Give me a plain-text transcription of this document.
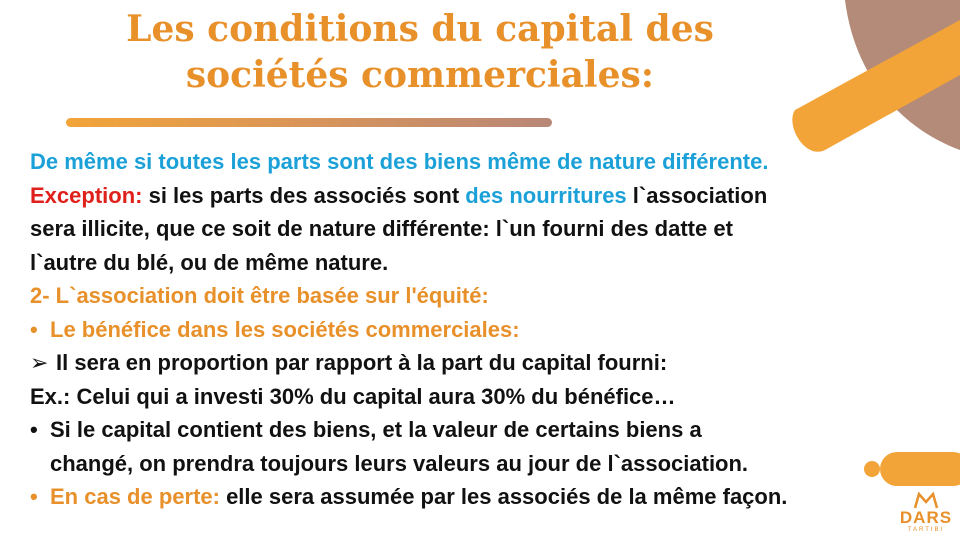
Les conditions du capital des
sociétés commerciales:
De même si toutes les parts sont des biens même de nature différente.
Exception: si les parts des associés sont des nourritures l`association
sera illicite, que ce soit de nature différente: l`un fourni des datte et
l`autre du blé, ou de même nature.
2- L`association doit être basée sur l'équité:
• Le bénéfice dans les sociétés commerciales:
➢ Il sera en proportion par rapport à la part du capital fourni:
Ex.: Celui qui a investi 30% du capital aura 30% du bénéfice…
• Si le capital contient des biens, et la valeur de certains biens a
changé, on prendra toujours leurs valeurs au jour de l`association.
• En cas de perte: elle sera assumée par les associés de la même façon.
DARS
TARTIBI
